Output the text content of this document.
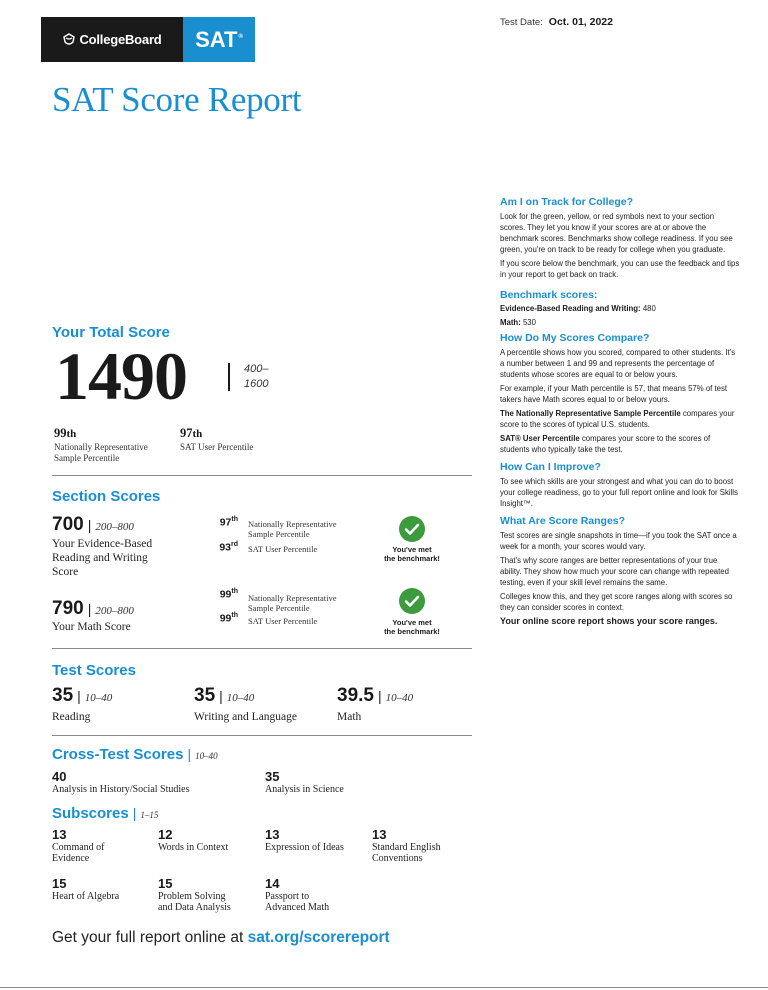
CollegeBoard SAT ®
SAT Score Report
Test Date: Oct. 01, 2022
Your Total Score
1490	400–
1600
99th
Nationally Representative
Sample Percentile
97th
SAT User Percentile
Section Scores
700 | 200–800
Your Evidence-Based
Reading and Writing
Score
97th Nationally Representative
Sample Percentile
93rd SAT User Percentile	You've met
the benchmark!
790 | 200–800
Your Math Score
99th
Nationally Representative
Sample Percentile
99th
SAT User Percentile	You've met
the benchmark!
Test Scores
35 | 10–40
Reading
35 | 10–40
Writing and Language
39.5 | 10–40
Math
Cross-Test Scores | 10–40
40
Analysis in History/Social Studies
35
Analysis in Science
Subscores | 1–15
13
Command of
Evidence
12
Words in Context
13
Expression of Ideas
13
Standard English
Conventions
15
Heart of Algebra
15
Problem Solving
and Data Analysis
14
Passport to
Advanced Math
Get your full report online at sat.org/scorereport
Am I on Track for College?
Look for the green, yellow, or red symbols next to your section scores. They let you know if your scores are at or above the benchmark scores. Benchmarks show college readiness. If you see green, you're on track to be ready for college when you graduate.
If you score below the benchmark, you can use the feedback and tips in your report to get back on track.
Benchmark scores:
Evidence-Based Reading and Writing: 480
Math: 530
How Do My Scores Compare?
A percentile shows how you scored, compared to other students. It's a number between 1 and 99 and represents the percentage of students whose scores are equal to or below yours.
For example, if your Math percentile is 57, that means 57% of test takers have Math scores equal to or below yours.
The Nationally Representative Sample Percentile compares your score to the scores of typical U.S. students.
SAT® User Percentile compares your score to the scores of students who typically take the test.
How Can I Improve?
To see which skills are your strongest and what you can do to boost your college readiness, go to your full report online and look for Skills Insight™.
What Are Score Ranges?
Test scores are single snapshots in time—if you took the SAT once a week for a month, your scores would vary.
That's why score ranges are better representations of your true ability. They show how much your score can change with repeated testing, even if your skill level remains the same.
Colleges know this, and they get score ranges along with scores so they can consider scores in context.
Your online score report shows your score ranges.
